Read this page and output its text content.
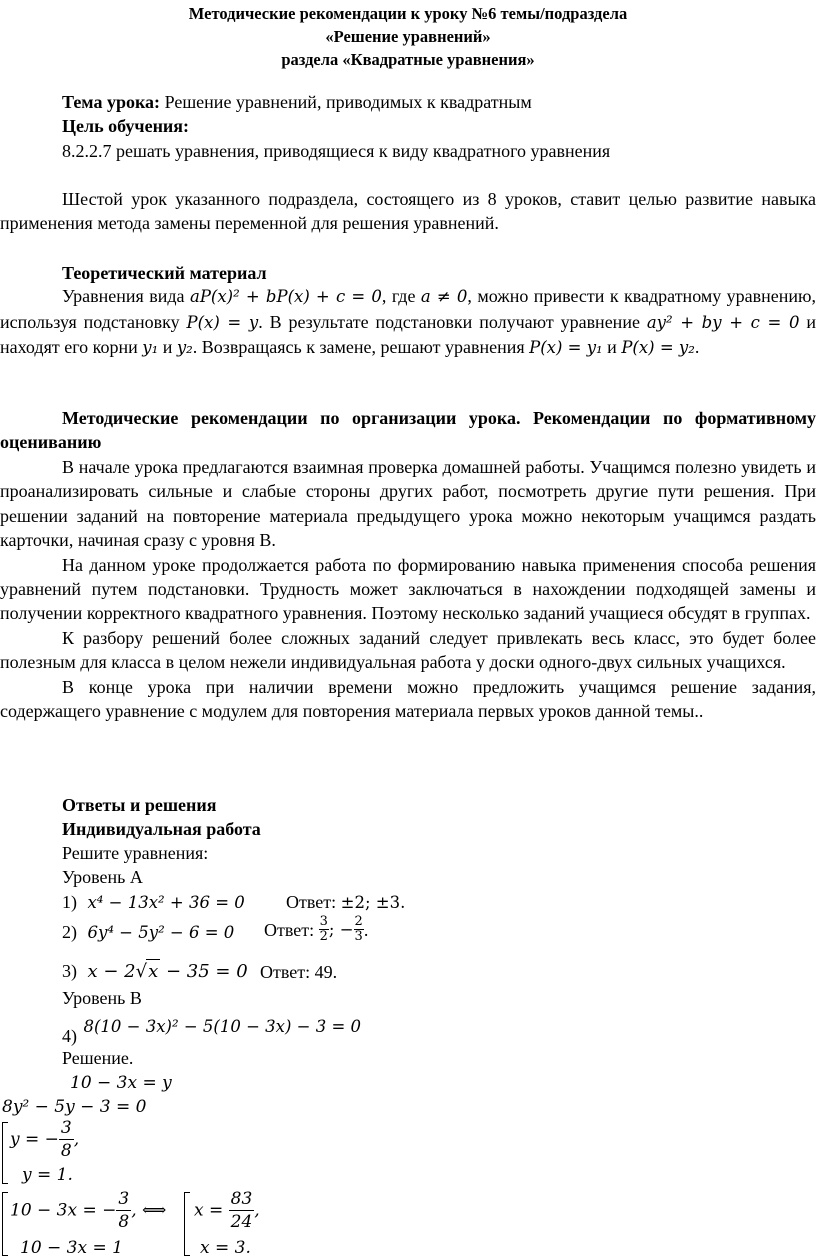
Методические рекомендации к уроку №6 темы/подраздела
«Решение уравнений»
раздела «Квадратные уравнения»
Тема урока: Решение уравнений, приводимых к квадратным
Цель обучения:
8.2.2.7 решать уравнения, приводящиеся к виду квадратного уравнения

Шестой урок указанного подраздела, состоящего из 8 уроков, ставит целью развитие навыка применения метода замены переменной для решения уравнений.

Теоретический материал

Уравнения вида aP(x)² + bP(x) + c = 0, где a ≠ 0, можно привести к квадратному уравнению, используя подстановку P(x) = y. В результате подстановки получают уравнение ay² + by + c = 0 и находят его корни y₁ и y₂. Возвращаясь к замене, решают уравнения P(x) = y₁ и P(x) = y₂.

Методические рекомендации по организации урока. Рекомендации по формативному оцениванию

В начале урока предлагаются взаимная проверка домашней работы. Учащимся полезно увидеть и проанализировать сильные и слабые стороны других работ, посмотреть другие пути решения. При решении заданий на повторение материала предыдущего урока можно некоторым учащимся раздать карточки, начиная сразу с уровня В.

На данном уроке продолжается работа по формированию навыка применения способа решения уравнений путем подстановки. Трудность может заключаться в нахождении подходящей замены и получении корректного квадратного уравнения. Поэтому несколько заданий учащиеся обсудят в группах.

К разбору решений более сложных заданий следует привлекать весь класс, это будет более полезным для класса в целом нежели индивидуальная работа у доски одного-двух сильных учащихся.

В конце урока при наличии времени можно предложить учащимся решение задания, содержащего уравнение с модулем для повторения материала первых уроков данной темы..

Ответы и решения
Индивидуальная работа
Решите уравнения:
Уровень А
1) x⁴ − 13x² + 36 = 0 Ответ: ±2; ±3.
2) 6y⁴ − 5y² − 6 = 0 Ответ: $\frac{3}{2}$ ; − $\frac{2}{3}$ .
3) x − 2√x − 35 = 0 Ответ: 49.
Уровень В
4) 8(10 − 3x)² − 5(10 − 3x) − 3 = 0
Решение.
10 − 3x = y
8y² − 5y − 3 = 0
y = − $\frac{3}{8}$ ,
y = 1.
10 − 3x = − $\frac{3}{8}$ , ⟺
10 − 3x = 1
$x = \frac{83}{24}$ ,
x = 3.
